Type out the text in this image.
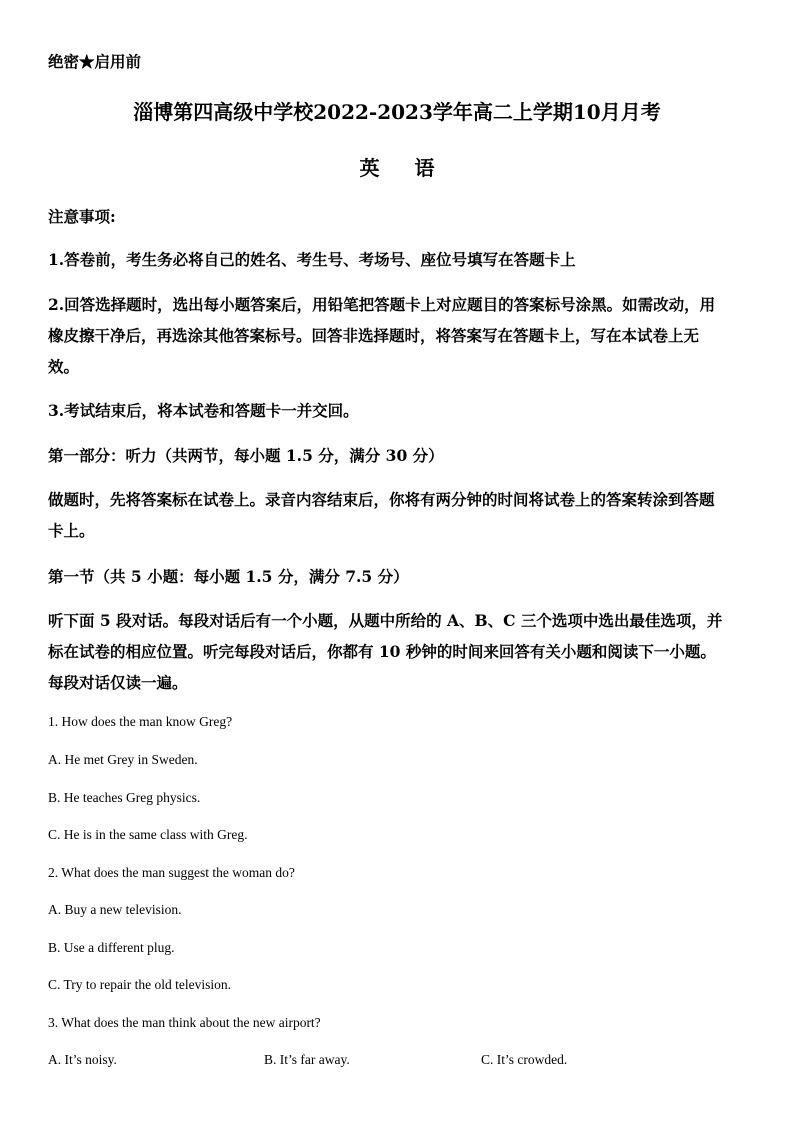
绝密★启用前
淄博第四高级中学校2022-2023学年高二上学期10月月考
英 语
注意事项:
1.答卷前，考生务必将自己的姓名、考生号、考场号、座位号填写在答题卡上
2.回答选择题时，选出每小题答案后，用铅笔把答题卡上对应题目的答案标号涂黑。如需改动，用
橡皮擦干净后，再选涂其他答案标号。回答非选择题时，将答案写在答题卡上，写在本试卷上无
效。
3.考试结束后，将本试卷和答题卡一并交回。
第一部分：听力（共两节，每小题 1.5 分，满分 30 分）
做题时，先将答案标在试卷上。录音内容结束后，你将有两分钟的时间将试卷上的答案转涂到答题
卡上。
第一节（共 5 小题：每小题 1.5 分，满分 7.5 分）
听下面 5 段对话。每段对话后有一个小题，从题中所给的 A、B、C 三个选项中选出最佳选项，并
标在试卷的相应位置。听完每段对话后，你都有 10 秒钟的时间来回答有关小题和阅读下一小题。
每段对话仅读一遍。
1. How does the man know Greg?
A. He met Grey in Sweden.
B. He teaches Greg physics.
C. He is in the same class with Greg.
2. What does the man suggest the woman do?
A. Buy a new television.
B. Use a different plug.
C. Try to repair the old television.
3. What does the man think about the new airport?
A. It’s noisy.	B. It’s far away.	C. It’s crowded.
